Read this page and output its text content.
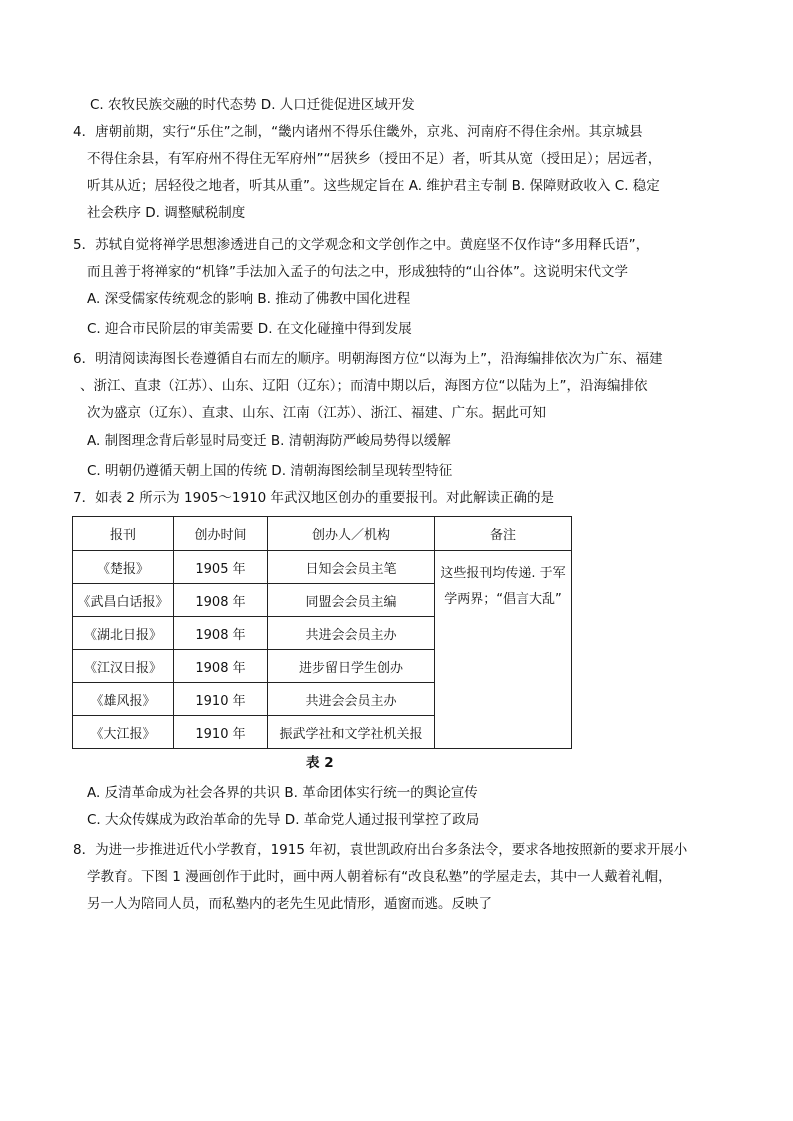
C. 农牧民族交融的时代态势 D. 人口迁徙促进区域开发
4．唐朝前期，实行“乐住”之制，“畿内诸州不得乐住畿外，京兆、河南府不得住余州。其京城县
不得住余县，有军府州不得住无军府州”“居狭乡（授田不足）者，听其从宽（授田足）；居远者，
听其从近；居轻役之地者，听其从重”。这些规定旨在 A. 维护君主专制 B. 保障财政收入 C. 稳定
社会秩序 D. 调整赋税制度
5．苏轼自觉将禅学思想渗透进自己的文学观念和文学创作之中。黄庭坚不仅作诗“多用释氏语”，
而且善于将禅家的“机锋”手法加入孟子的句法之中，形成独特的“山谷体”。这说明宋代文学
A. 深受儒家传统观念的影响 B. 推动了佛教中国化进程
C. 迎合市民阶层的审美需要 D. 在文化碰撞中得到发展
6．明清阅读海图长卷遵循自右而左的顺序。明朝海图方位“以海为上”，沿海编排依次为广东、福建
、浙江、直隶（江苏）、山东、辽阳（辽东）；而清中期以后，海图方位“以陆为上”，沿海编排依
次为盛京（辽东）、直隶、山东、江南（江苏）、浙江、福建、广东。据此可知
A. 制图理念背后彰显时局变迁 B. 清朝海防严峻局势得以缓解
C. 明朝仍遵循天朝上国的传统 D. 清朝海图绘制呈现转型特征
7．如表 2 所示为 1905～1910 年武汉地区创办的重要报刊。对此解读正确的是
报刊	创办时间	创办人／机构	备注
《楚报》	1905 年	日知会会员主笔	这些报刊均传递. 于军学两界；“倡言大乱”

《武昌白话报》	1908 年	同盟会会员主编	
《湖北日报》	1908 年	共进会会员主办	
《江汉日报》	1908 年	进步留日学生创办	
《雄风报》	1910 年	共进会会员主办	
《大江报》	1910 年	振武学社和文学社机关报	
表 2
A. 反清革命成为社会各界的共识 B. 革命团体实行统一的舆论宣传
C. 大众传媒成为政治革命的先导 D. 革命党人通过报刊掌控了政局
8．为进一步推进近代小学教育，1915 年初，袁世凯政府出台多条法令，要求各地按照新的要求开展小
学教育。下图 1 漫画创作于此时，画中两人朝着标有“改良私塾”的学屋走去，其中一人戴着礼帽，
另一人为陪同人员，而私塾内的老先生见此情形，遁窗而逃。反映了
